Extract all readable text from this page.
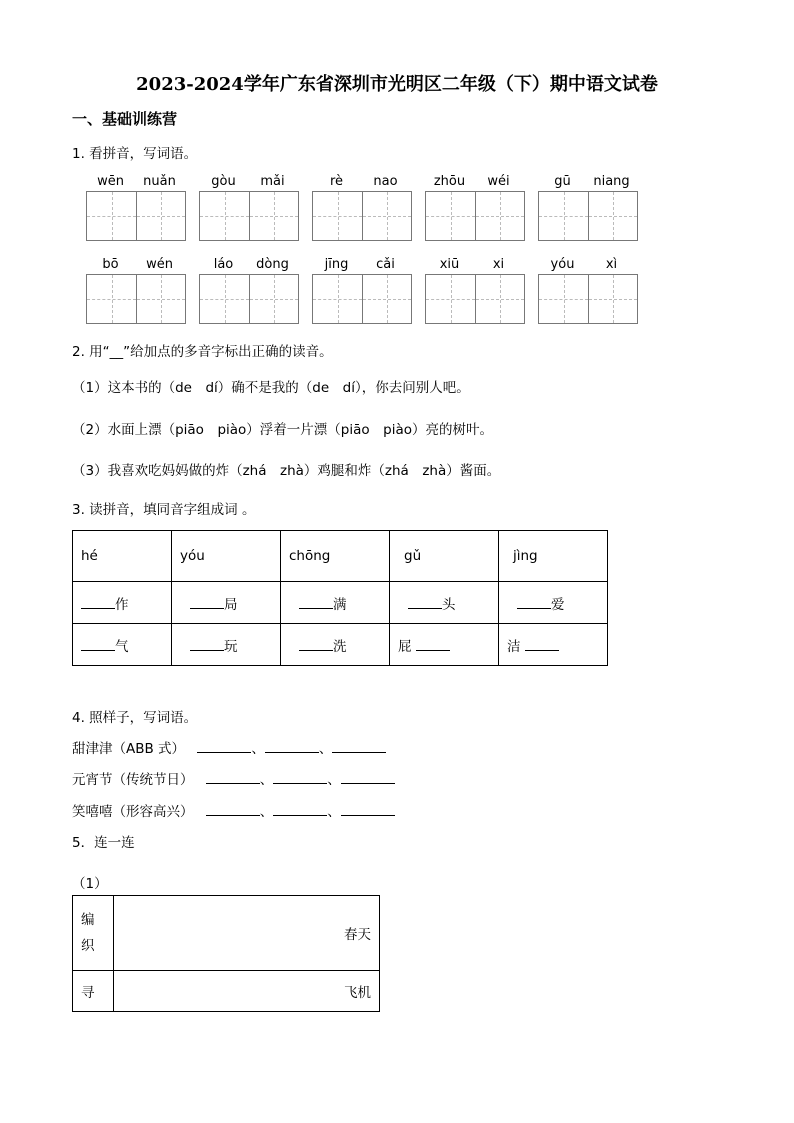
2023-2024学年广东省深圳市光明区二年级（下）期中语文试卷
一、基础训练营
1. 看拼音，写词语。
wēn	nuǎn	gòu	mǎi	rè	nao	zhōu	wéi	gū	niang
bō	wén	láo	dòng	jīng	cǎi	xiū	xi	yóu	xì
2. 用“__”给加点的多音字标出正确的读音。
（1）这本书的（de　dí）确不是我的（de　dí），你去问别人吧。
（2）水面上漂（piāo　piào）浮着一片漂（piāo　piào）亮的树叶。
（3）我喜欢吃妈妈做的炸（zhá　zhà）鸡腿和炸（zhá　zhà）酱面。
3. 读拼音，填同音字组成词 。
hé	yóu	chōng	gǔ	jìng
作	局	满	头	爱
气	玩	洗	屁	洁
4. 照样子，写词语。
甜津津（ABB 式）	、	、
元宵节（传统节日）	、	、
笑嘻嘻（形容高兴）	、	、
5．连一连
（1）
编织	春天
寻	飞机
